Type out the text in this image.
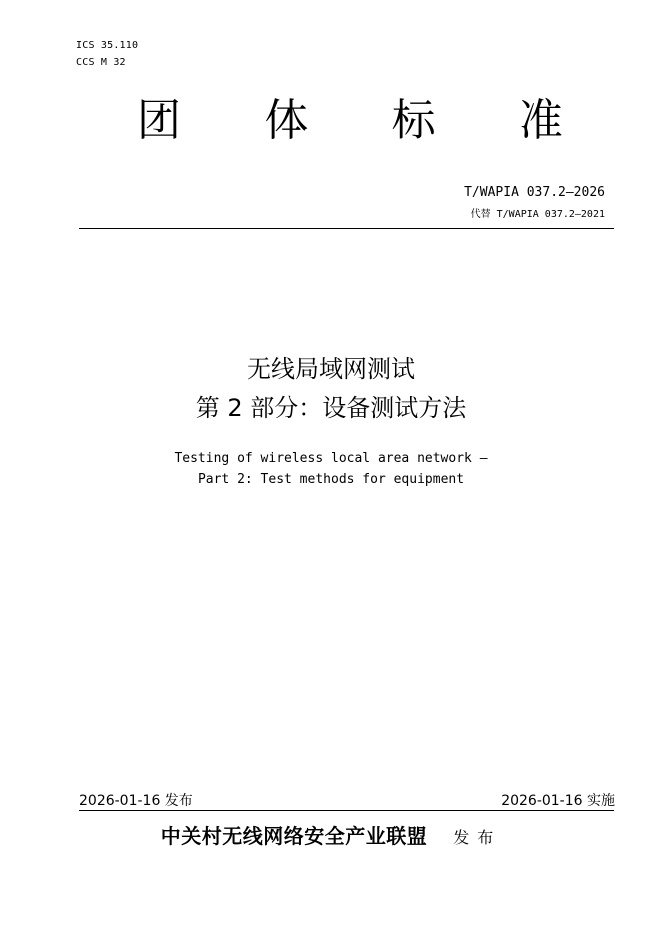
ICS 35.110
CCS M 32
团 体 标 准
T/WAPIA 037.2—2026
代替 T/WAPIA 037.2—2021
无线局域网测试
第 2 部分：设备测试方法
Testing of wireless local area network —
Part 2: Test methods for equipment
2026-01-16 发布	2026-01-16 实施
中关村无线网络安全产业联盟 发布
